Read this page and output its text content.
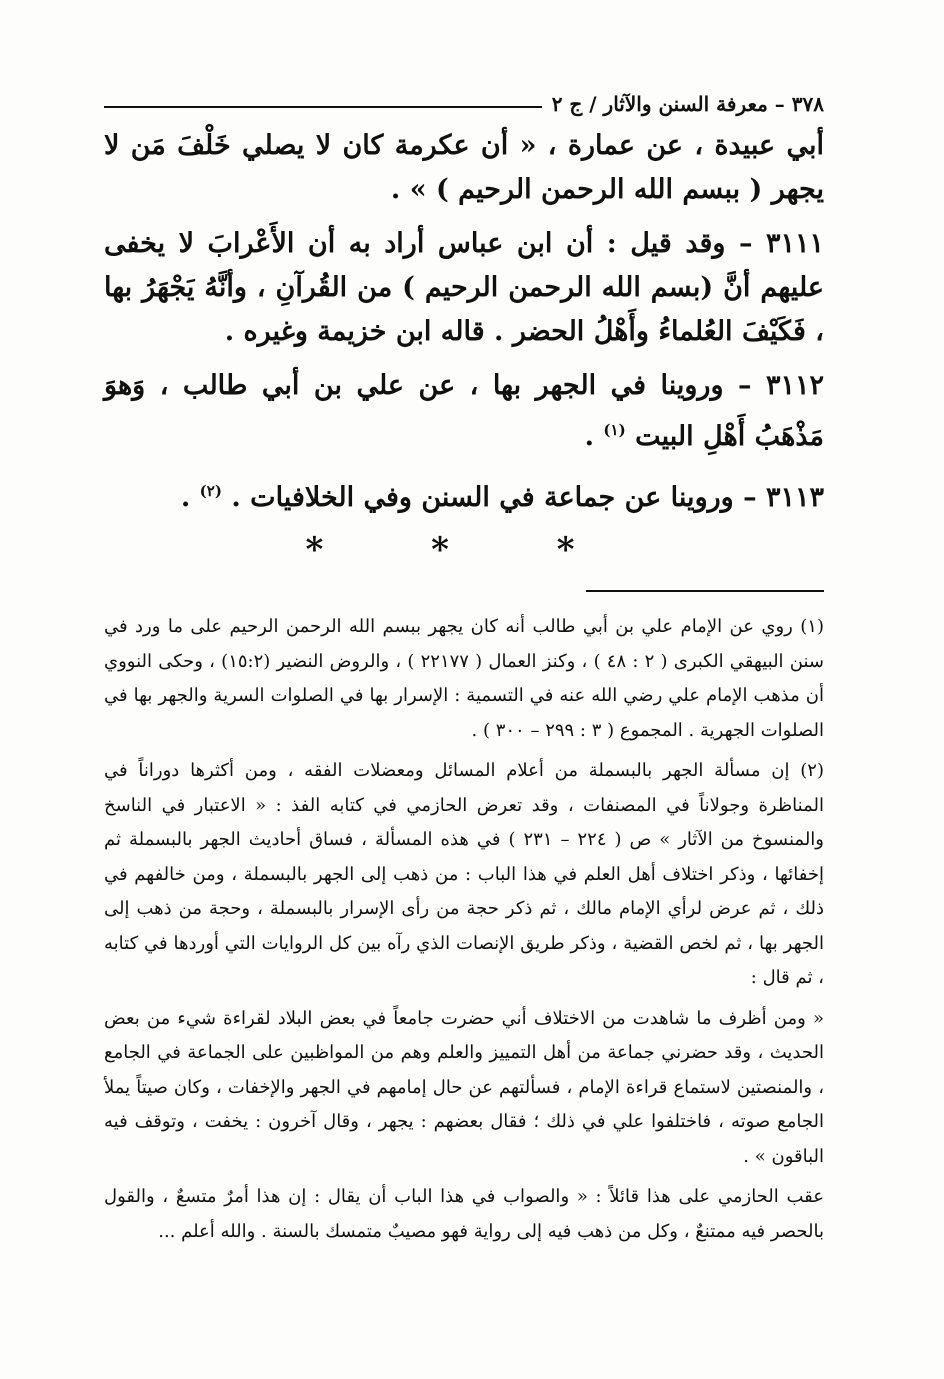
٣٧٨ – معرفة السنن والآثار / ج ٢

أبي عبيدة ، عن عمارة ، « أن عكرمة كان لا يصلي خَلْفَ مَن لا يجهر ( ببسم الله الرحمن الرحيم ) » .

٣١١١ – وقد قيل : أن ابن عباس أراد به أن الأَعْرابَ لا يخفى عليهم أنَّ (بسم الله الرحمن الرحيم ) من القُرآنِ ، وأنَّهُ يَجْهَرُ بها ، فَكَيْفَ العُلماءُ وأَهْلُ الحضر . قاله ابن خزيمة وغيره .

٣١١٢ – وروينا في الجهر بها ، عن علي بن أبي طالب ، وَهوَ مَذْهَبُ أَهْلِ البيت $^{(١)}$ .

٣١١٣ – وروينا عن جماعة في السنن وفي الخلافيات . $^{(٢)}$ .

* * *

(١) روي عن الإمام علي بن أبي طالب أنه كان يجهر ببسم الله الرحمن الرحيم على ما ورد في سنن البيهقي الكبرى ( ٢ : ٤٨ ) ، وكنز العمال ( ٢٢١٧٧ ) ، والروض النضير (١٥:٢) ، وحكى النووي أن مذهب الإمام علي رضي الله عنه في التسمية : الإسرار بها في الصلوات السرية والجهر بها في الصلوات الجهرية . المجموع ( ٣ : ٢٩٩ – ٣٠٠ ) .

(٢) إن مسألة الجهر بالبسملة من أعلام المسائل ومعضلات الفقه ، ومن أكثرها دوراناً في المناظرة وجولاناً في المصنفات ، وقد تعرض الحازمي في كتابه الفذ : « الاعتبار في الناسخ والمنسوخ من الآثار » ص ( ٢٢٤ – ٢٣١ ) في هذه المسألة ، فساق أحاديث الجهر بالبسملة ثم إخفائها ، وذكر اختلاف أهل العلم في هذا الباب : من ذهب إلى الجهر بالبسملة ، ومن خالفهم في ذلك ، ثم عرض لرأي الإمام مالك ، ثم ذكر حجة من رأى الإسرار بالبسملة ، وحجة من ذهب إلى الجهر بها ، ثم لخص القضية ، وذكر طريق الإنصات الذي رآه بين كل الروايات التي أوردها في كتابه ، ثم قال :

« ومن أظرف ما شاهدت من الاختلاف أني حضرت جامعاً في بعض البلاد لقراءة شيء من بعض الحديث ، وقد حضرني جماعة من أهل التمييز والعلم وهم من المواظبين على الجماعة في الجامع ، والمنصتين لاستماع قراءة الإمام ، فسألتهم عن حال إمامهم في الجهر والإخفات ، وكان صيتاً يملأ الجامع صوته ، فاختلفوا علي في ذلك ؛ فقال بعضهم : يجهر ، وقال آخرون : يخفت ، وتوقف فيه الباقون » .

عقب الحازمي على هذا قائلاً : « والصواب في هذا الباب أن يقال : إن هذا أمرٌ متسعٌ ، والقول بالحصر فيه ممتنعٌ ، وكل من ذهب فيه إلى رواية فهو مصيبٌ متمسك بالسنة . والله أعلم ...
